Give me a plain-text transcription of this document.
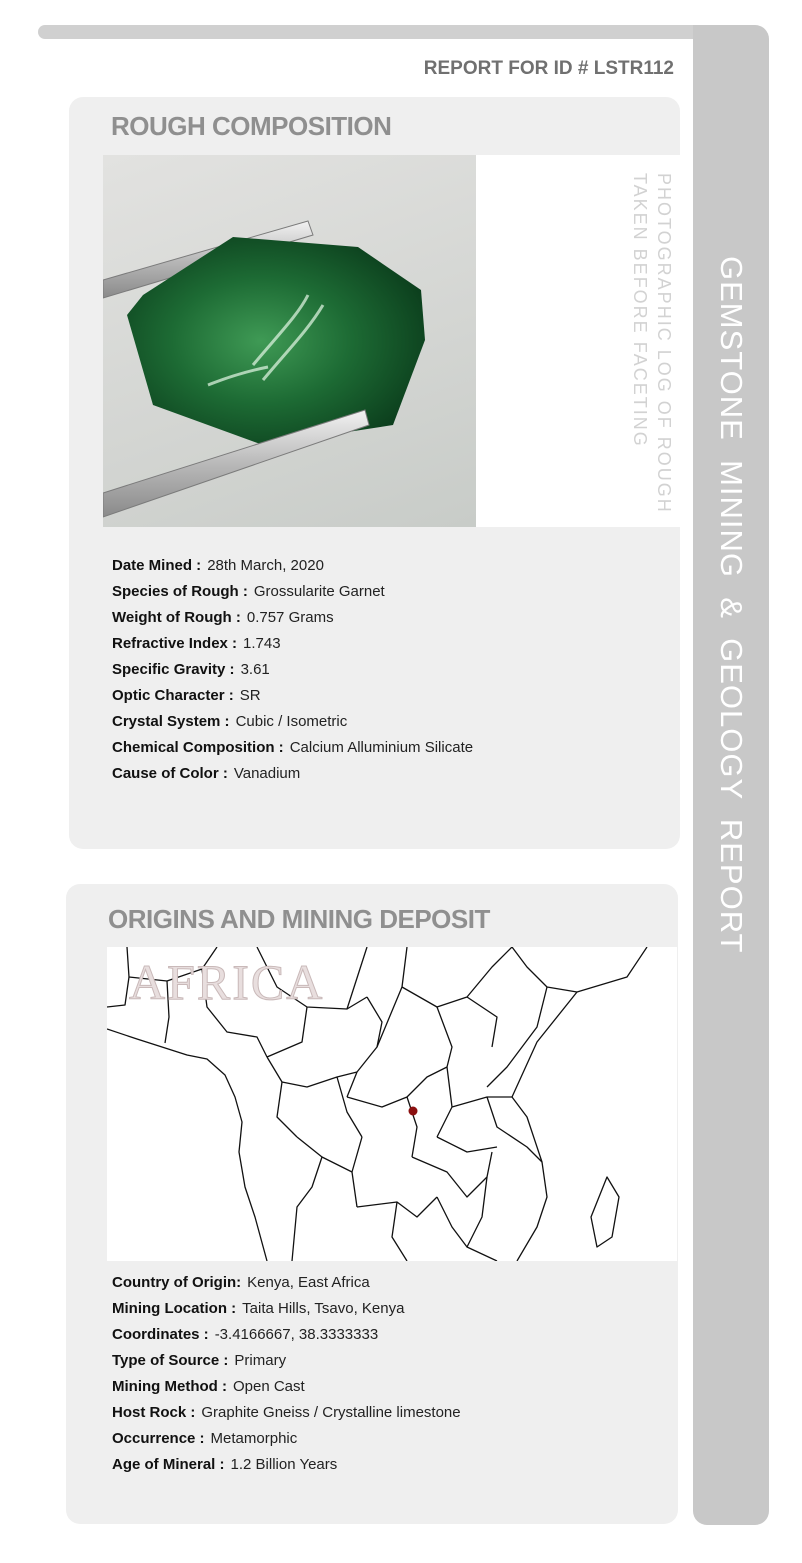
GEMSTONE  MINING  &  GEOLOGY  REPORT
REPORT FOR ID # LSTR112
ROUGH COMPOSITION
PHOTOGRAPHIC LOG OF ROUGH
TAKEN BEFORE FACETING
Date Mined : 28th March, 2020
Species of Rough : Grossularite Garnet
Weight of Rough : 0.757 Grams
Refractive Index : 1.743
Specific Gravity : 3.61
Optic Character : SR
Crystal System : Cubic / Isometric
Chemical Composition : Calcium Alluminium Silicate
Cause of Color : Vanadium
ORIGINS AND MINING DEPOSIT
AFRICA
Country of Origin: Kenya, East Africa
Mining Location : Taita Hills, Tsavo, Kenya
Coordinates : -3.4166667, 38.3333333
Type of Source : Primary
Mining Method : Open Cast
Host Rock : Graphite Gneiss / Crystalline limestone
Occurrence : Metamorphic
Age of Mineral : 1.2 Billion Years
